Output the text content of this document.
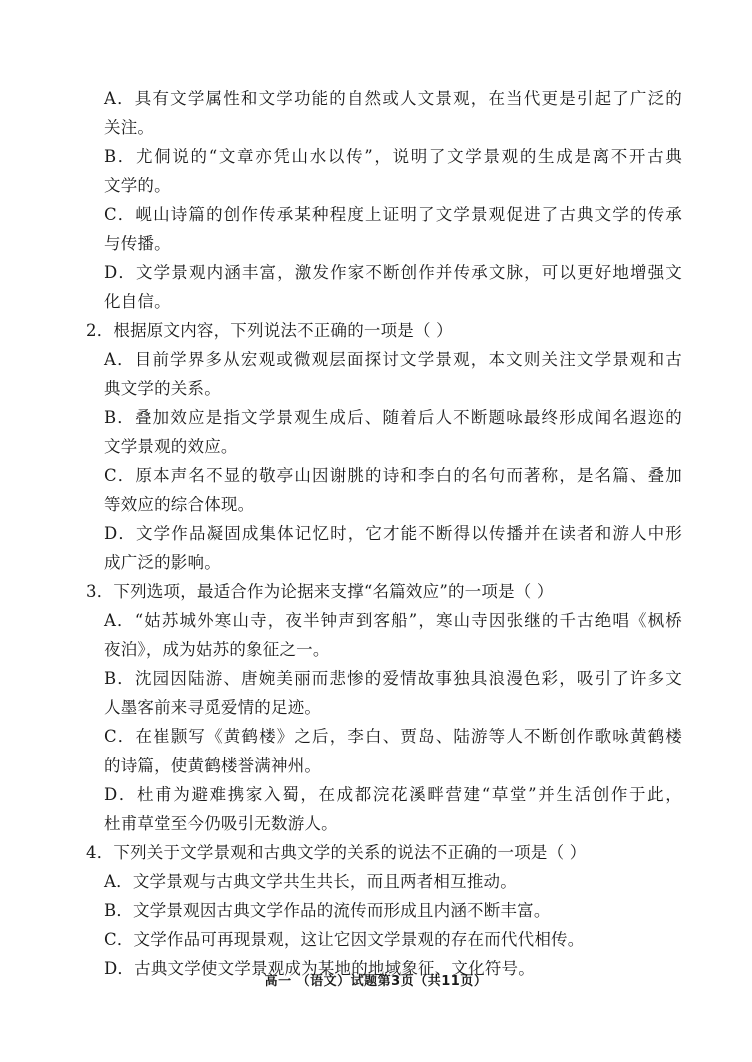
A．具有文学属性和文学功能的自然或人文景观，在当代更是引起了广泛的
关注。
B．尤侗说的“文章亦凭山水以传”，说明了文学景观的生成是离不开古典
文学的。
C．岘山诗篇的创作传承某种程度上证明了文学景观促进了古典文学的传承
与传播。
D．文学景观内涵丰富，激发作家不断创作并传承文脉，可以更好地增强文
化自信。
2．根据原文内容，下列说法不正确的一项是（ ）
A．目前学界多从宏观或微观层面探讨文学景观，本文则关注文学景观和古
典文学的关系。
B．叠加效应是指文学景观生成后、随着后人不断题咏最终形成闻名遐迩的
文学景观的效应。
C．原本声名不显的敬亭山因谢朓的诗和李白的名句而著称，是名篇、叠加
等效应的综合体现。
D．文学作品凝固成集体记忆时，它才能不断得以传播并在读者和游人中形
成广泛的影响。
3．下列选项，最适合作为论据来支撑“名篇效应”的一项是（ ）
A．“姑苏城外寒山寺，夜半钟声到客船”，寒山寺因张继的千古绝唱《枫桥
夜泊》，成为姑苏的象征之一。
B．沈园因陆游、唐婉美丽而悲惨的爱情故事独具浪漫色彩，吸引了许多文
人墨客前来寻觅爱情的足迹。
C．在崔颢写《黄鹤楼》之后，李白、贾岛、陆游等人不断创作歌咏黄鹤楼
的诗篇，使黄鹤楼誉满神州。
D．杜甫为避难携家入蜀，在成都浣花溪畔营建“草堂”并生活创作于此，
杜甫草堂至今仍吸引无数游人。
4．下列关于文学景观和古典文学的关系的说法不正确的一项是（ ）
A．文学景观与古典文学共生共长，而且两者相互推动。
B．文学景观因古典文学作品的流传而形成且内涵不断丰富。
C．文学作品可再现景观，这让它因文学景观的存在而代代相传。
D．古典文学使文学景观成为某地的地域象征、文化符号。
高一 （语文）试题第3页（共11页）
